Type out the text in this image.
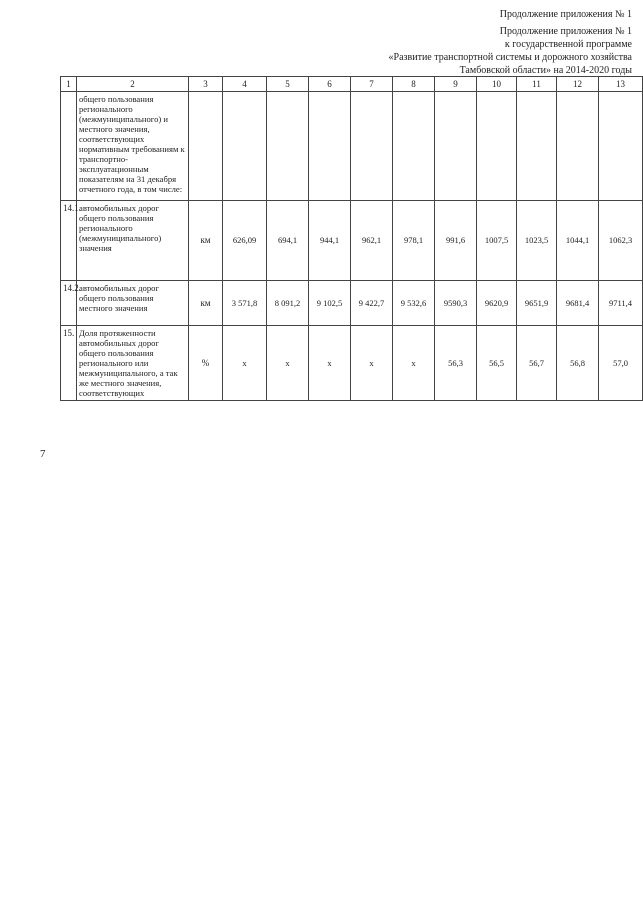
7
Продолжение приложения № 1
Продолжение приложения № 1
к государственной программе
«Развитие транспортной системы и дорожного хозяйства
Тамбовской области» на 2014-2020 годы
1	2	3	4	5	6	7	8	9	10	11	12	13
	общего пользования регионального (межмуниципального) и местного значения, соответствующих нормативным требованиям к транспортно-эксплуатационным показателям на 31 декабря отчетного года, в том числе:											
14.1.	автомобильных дорог общего пользования регионального (межмуниципального) значения	км	626,09	694,1	944,1	962,1	978,1	991,6	1007,5	1023,5	1044,1	1062,3
14.2.	автомобильных дорог общего пользования местного значения	км	3 571,8	8 091,2	9 102,5	9 422,7	9 532,6	9590,3	9620,9	9651,9	9681,4	9711,4
15.	Доля протяженности автомобильных дорог общего пользования регионального или межмуниципального, а так же местного значения, соответствующих	%	x	x	x	x	x	56,3	56,5	56,7	56,8	57,0
